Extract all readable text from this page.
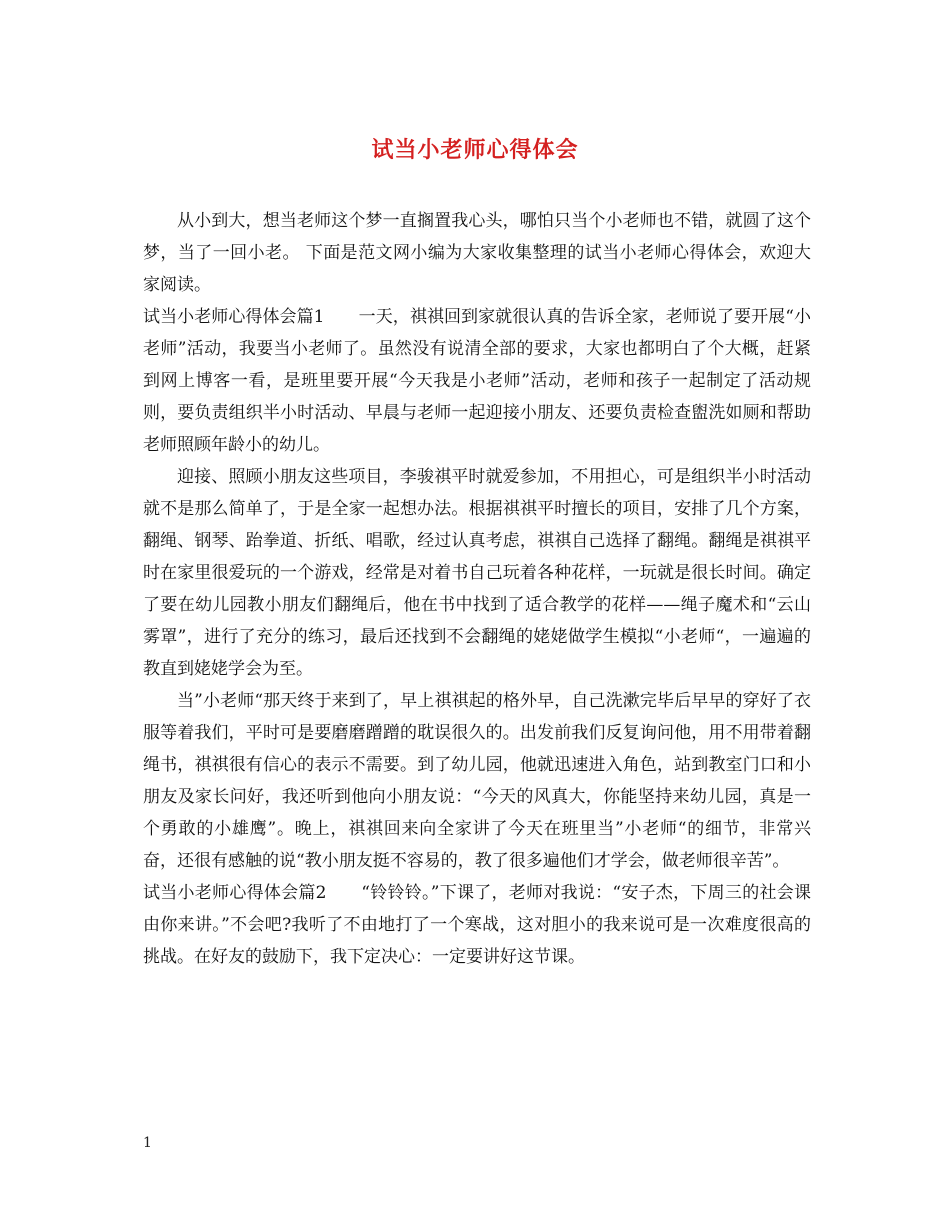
试当小老师心得体会

从小到大，想当老师这个梦一直搁置我心头，哪怕只当个小老师也不错，就圆了这个梦，当了一回小老。 下面是范文网小编为大家收集整理的试当小老师心得体会，欢迎大家阅读。

试当小老师心得体会篇1　　一天，祺祺回到家就很认真的告诉全家，老师说了要开展“小老师”活动，我要当小老师了。虽然没有说清全部的要求，大家也都明白了个大概，赶紧到网上博客一看，是班里要开展“今天我是小老师”活动，老师和孩子一起制定了活动规则，要负责组织半小时活动、早晨与老师一起迎接小朋友、还要负责检查盥洗如厕和帮助老师照顾年龄小的幼儿。

迎接、照顾小朋友这些项目，李骏祺平时就爱参加，不用担心，可是组织半小时活动就不是那么简单了，于是全家一起想办法。根据祺祺平时擅长的项目，安排了几个方案，翻绳、钢琴、跆拳道、折纸、唱歌，经过认真考虑，祺祺自己选择了翻绳。翻绳是祺祺平时在家里很爱玩的一个游戏，经常是对着书自己玩着各种花样，一玩就是很长时间。确定了要在幼儿园教小朋友们翻绳后，他在书中找到了适合教学的花样——绳子魔术和“云山雾罩”，进行了充分的练习，最后还找到不会翻绳的姥姥做学生模拟“小老师“，一遍遍的教直到姥姥学会为至。

当”小老师“那天终于来到了，早上祺祺起的格外早，自己洗漱完毕后早早的穿好了衣服等着我们，平时可是要磨磨蹭蹭的耽误很久的。出发前我们反复询问他，用不用带着翻绳书，祺祺很有信心的表示不需要。到了幼儿园，他就迅速进入角色，站到教室门口和小朋友及家长问好，我还听到他向小朋友说：“今天的风真大，你能坚持来幼儿园，真是一个勇敢的小雄鹰”。晚上，祺祺回来向全家讲了今天在班里当”小老师“的细节，非常兴奋，还很有感触的说“教小朋友挺不容易的，教了很多遍他们才学会，做老师很辛苦”。

试当小老师心得体会篇2　　“铃铃铃。”下课了，老师对我说：“安子杰，下周三的社会课由你来讲。”不会吧?我听了不由地打了一个寒战，这对胆小的我来说可是一次难度很高的挑战。在好友的鼓励下，我下定决心：一定要讲好这节课。

1
